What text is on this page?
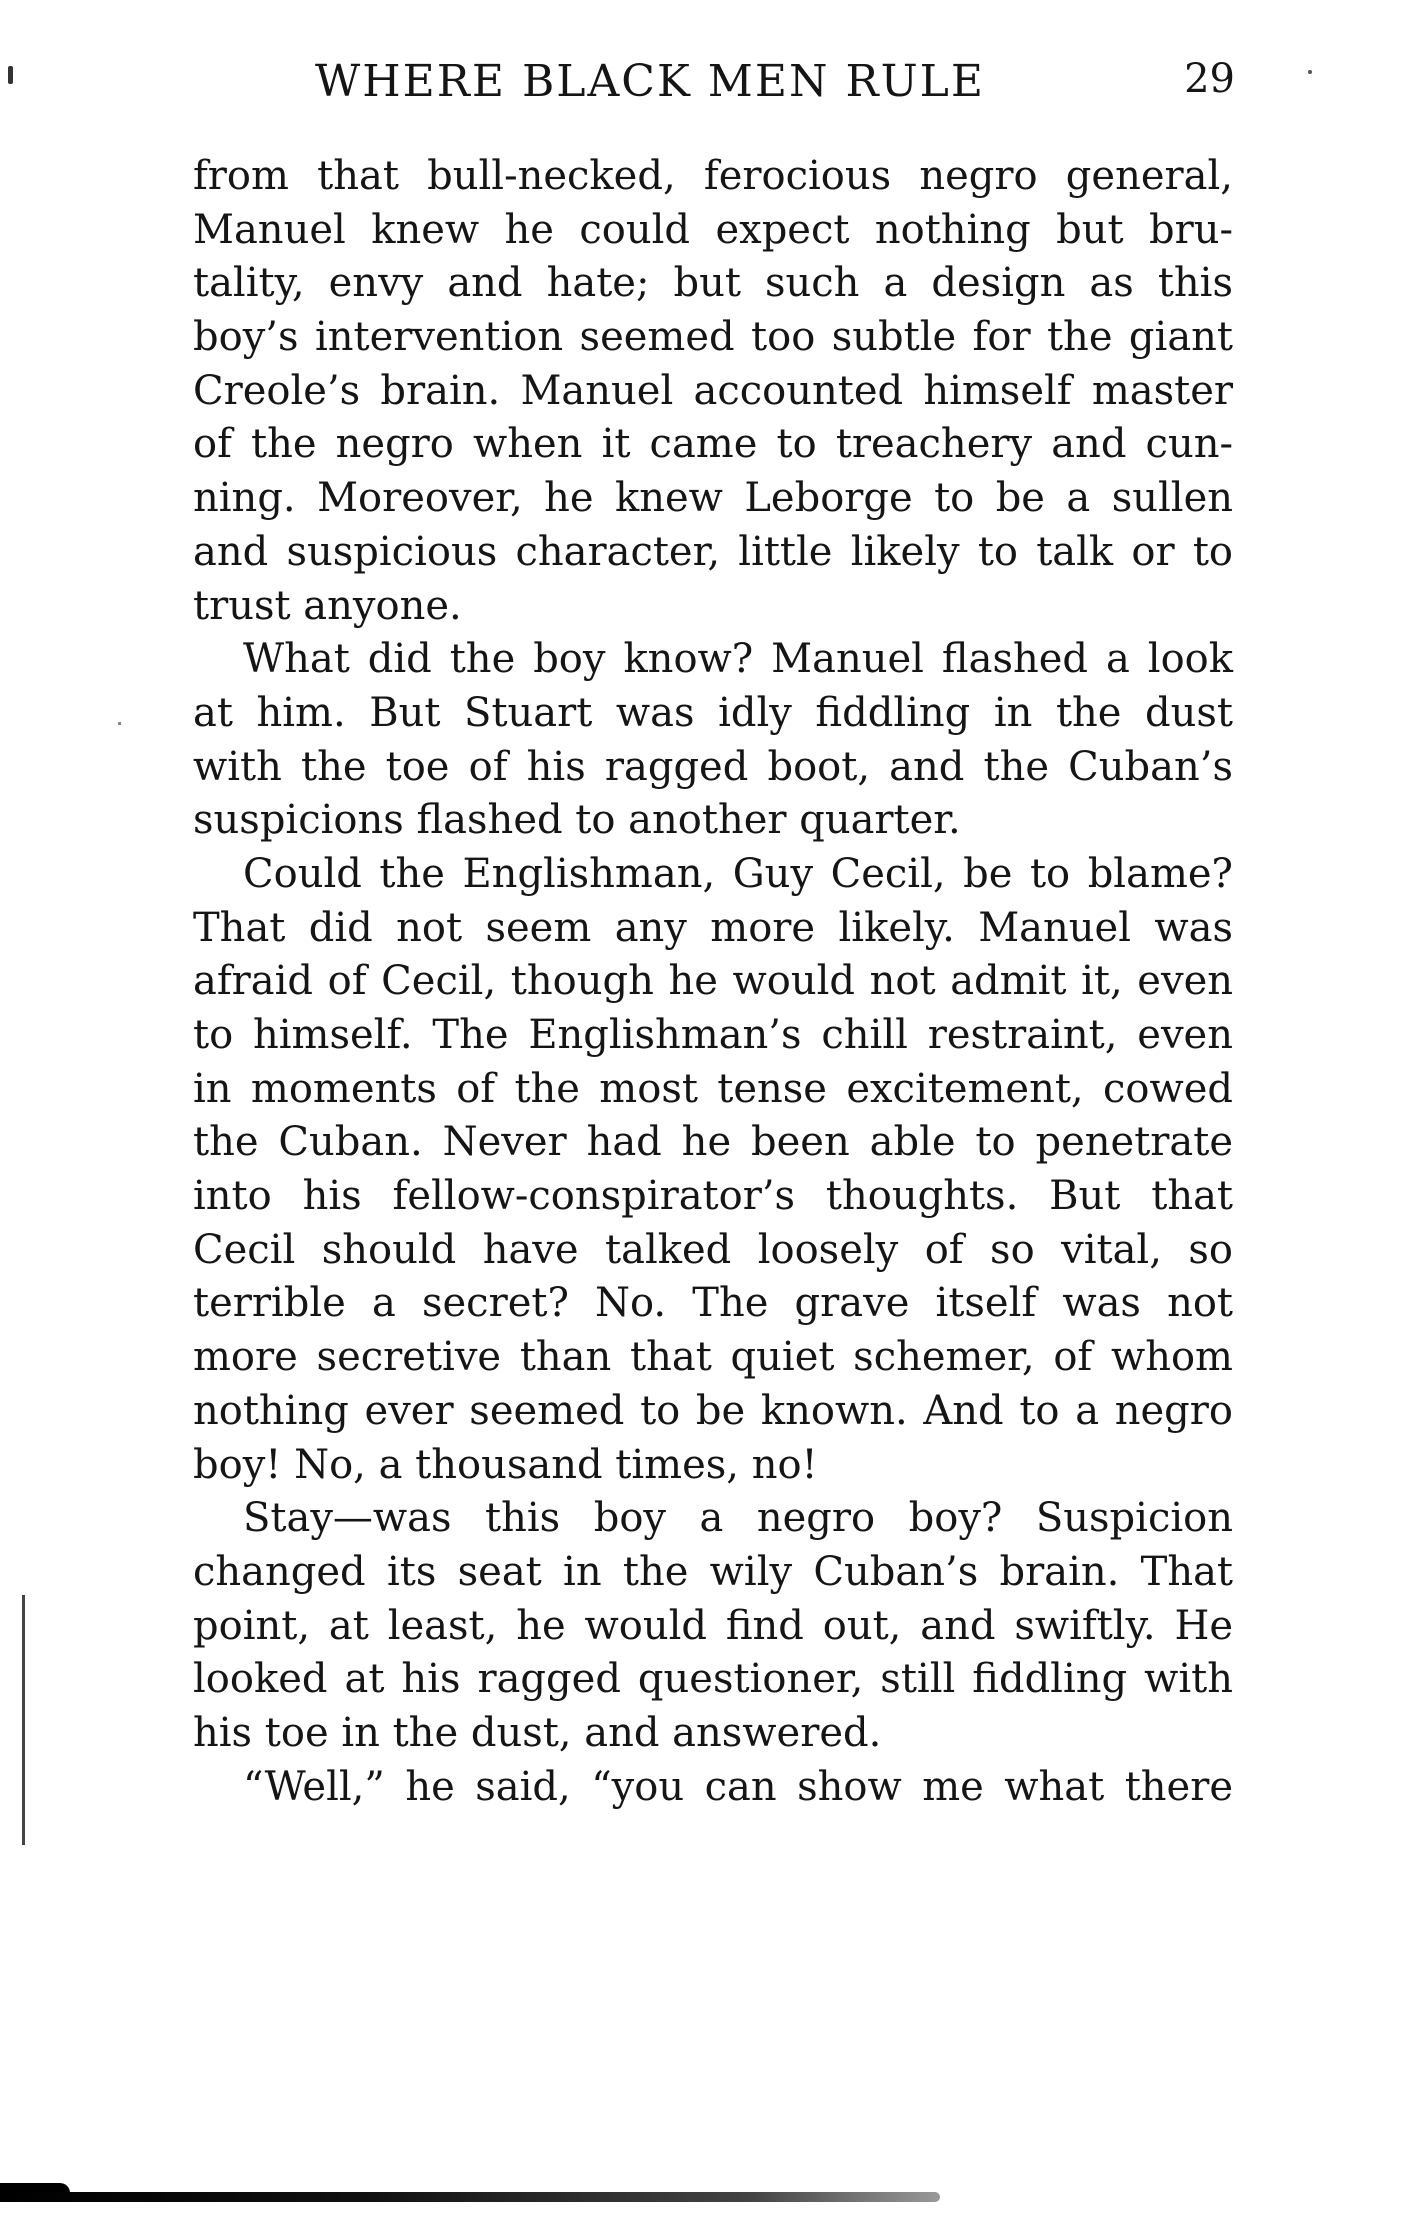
WHERE BLACK MEN RULE	29
from that bull-necked, ferocious negro general,
Manuel knew he could expect nothing but bru-
tality, envy and hate; but such a design as this
boy’s intervention seemed too subtle for the giant
Creole’s brain. Manuel accounted himself master
of the negro when it came to treachery and cun-
ning. Moreover, he knew Leborge to be a sullen
and suspicious character, little likely to talk or to
trust anyone.
What did the boy know? Manuel flashed a look
at him. But Stuart was idly fiddling in the dust
with the toe of his ragged boot, and the Cuban’s
suspicions flashed to another quarter.
Could the Englishman, Guy Cecil, be to blame?
That did not seem any more likely. Manuel was
afraid of Cecil, though he would not admit it, even
to himself. The Englishman’s chill restraint, even
in moments of the most tense excitement, cowed
the Cuban. Never had he been able to penetrate
into his fellow-conspirator’s thoughts. But that
Cecil should have talked loosely of so vital, so
terrible a secret? No. The grave itself was not
more secretive than that quiet schemer, of whom
nothing ever seemed to be known. And to a negro
boy! No, a thousand times, no!
Stay—was this boy a negro boy? Suspicion
changed its seat in the wily Cuban’s brain. That
point, at least, he would find out, and swiftly. He
looked at his ragged questioner, still fiddling with
his toe in the dust, and answered.
“Well,” he said, “you can show me what there
